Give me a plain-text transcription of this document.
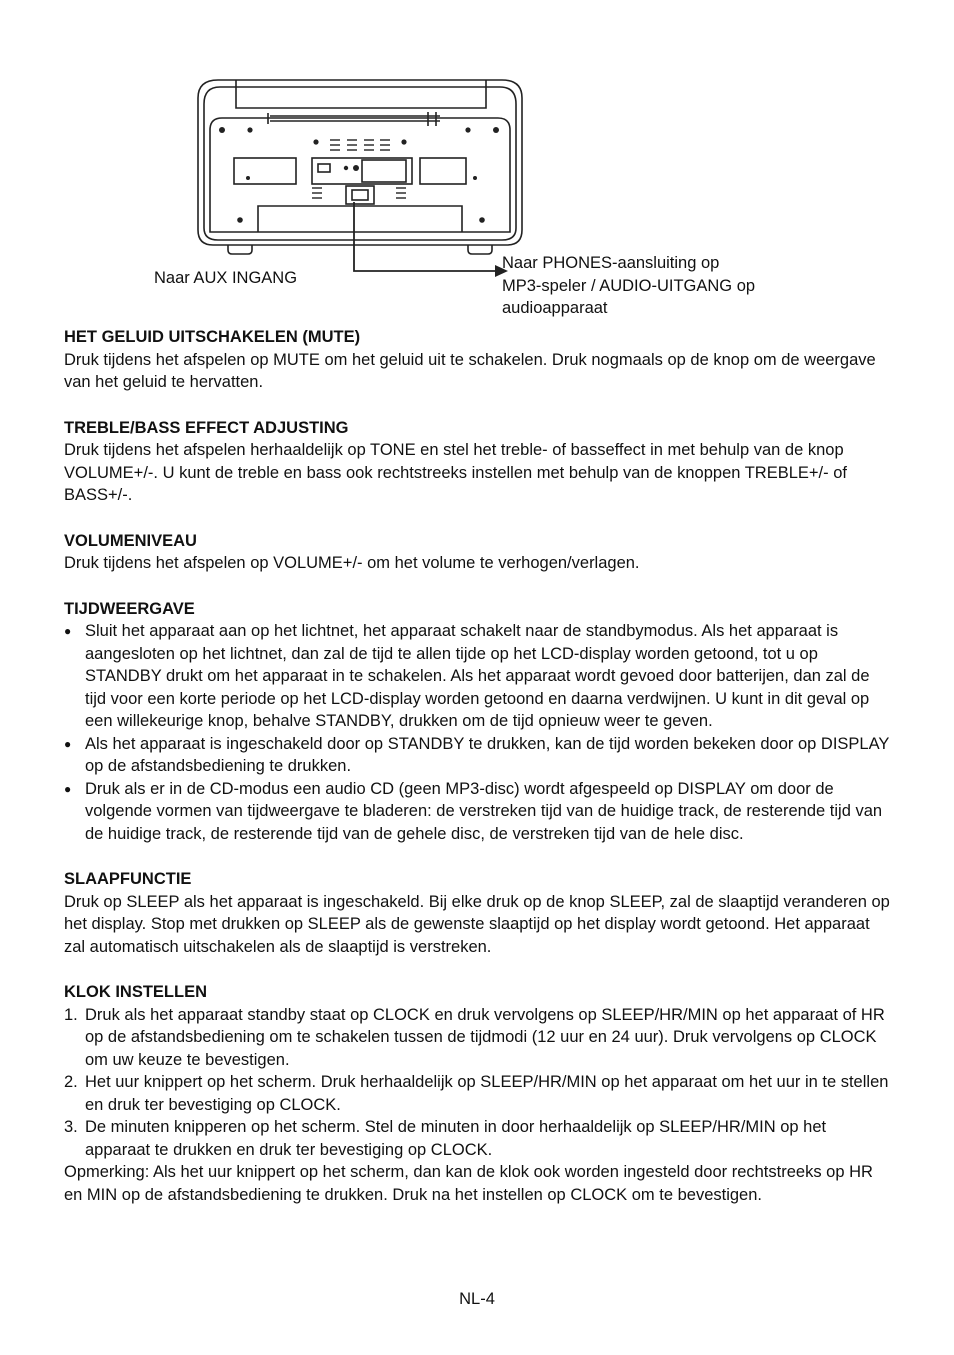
Naar AUX INGANG
Naar PHONES-aansluiting op
MP3-speler / AUDIO-UITGANG op
audioapparaat
HET GELUID UITSCHAKELEN (MUTE)

Druk tijdens het afspelen op MUTE om het geluid uit te schakelen. Druk nogmaals op de knop om de weergave van het geluid te hervatten.

TREBLE/BASS EFFECT ADJUSTING

Druk tijdens het afspelen herhaaldelijk op TONE en stel het treble- of basseffect in met behulp van de knop VOLUME+/-. U kunt de treble en bass ook rechtstreeks instellen met behulp van de knoppen TREBLE+/- of BASS+/-.

VOLUMENIVEAU

Druk tijdens het afspelen op VOLUME+/- om het volume te verhogen/verlagen.

TIJDWEERGAVE
● Sluit het apparaat aan op het lichtnet, het apparaat schakelt naar de standbymodus. Als het apparaat is aangesloten op het lichtnet, dan zal de tijd te allen tijde op het LCD-display worden getoond, tot u op STANDBY drukt om het apparaat in te schakelen. Als het apparaat wordt gevoed door batterijen, dan zal de tijd voor een korte periode op het LCD-display worden getoond en daarna verdwijnen. U kunt in dit geval op een willekeurige knop, behalve STANDBY, drukken om de tijd opnieuw weer te geven.
● Als het apparaat is ingeschakeld door op STANDBY te drukken, kan de tijd worden bekeken door op DISPLAY op de afstandsbediening te drukken.
● Druk als er in de CD-modus een audio CD (geen MP3-disc) wordt afgespeeld op DISPLAY om door de volgende vormen van tijdweergave te bladeren: de verstreken tijd van de huidige track, de resterende tijd van de huidige track, de resterende tijd van de gehele disc, de verstreken tijd van de hele disc.
SLAAPFUNCTIE

Druk op SLEEP als het apparaat is ingeschakeld. Bij elke druk op de knop SLEEP, zal de slaaptijd veranderen op het display. Stop met drukken op SLEEP als de gewenste slaaptijd op het display wordt getoond. Het apparaat zal automatisch uitschakelen als de slaaptijd is verstreken.

KLOK INSTELLEN
1. Druk als het apparaat standby staat op CLOCK en druk vervolgens op SLEEP/HR/MIN op het apparaat of HR op de afstandsbediening om te schakelen tussen de tijdmodi (12 uur en 24 uur). Druk vervolgens op CLOCK om uw keuze te bevestigen.
2. Het uur knippert op het scherm. Druk herhaaldelijk op SLEEP/HR/MIN op het apparaat om het uur in te stellen en druk ter bevestiging op CLOCK.
3. De minuten knipperen op het scherm. Stel de minuten in door herhaaldelijk op SLEEP/HR/MIN op het apparaat te drukken en druk ter bevestiging op CLOCK.

Opmerking: Als het uur knippert op het scherm, dan kan de klok ook worden ingesteld door rechtstreeks op HR en MIN op de afstandsbediening te drukken. Druk na het instellen op CLOCK om te bevestigen.

NL-4
